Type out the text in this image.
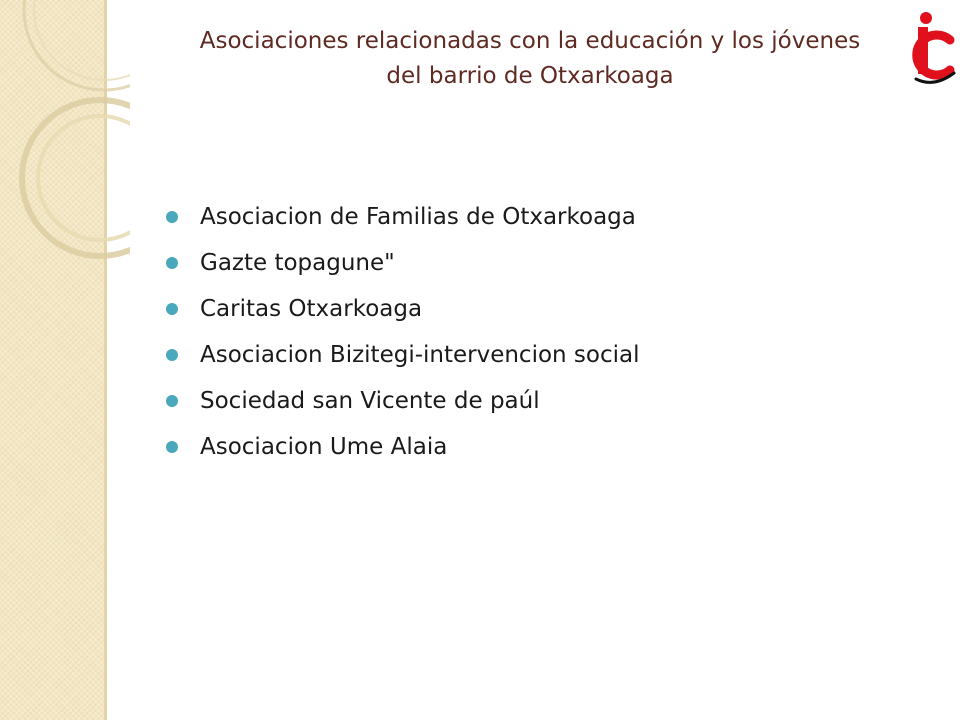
Asociaciones relacionadas con la educación y los jóvenes
del barrio de Otxarkoaga
Asociacion de Familias de Otxarkoaga
Gazte topagune"
Caritas Otxarkoaga
Asociacion Bizitegi-intervencion social
Sociedad san Vicente de paúl
Asociacion Ume Alaia
